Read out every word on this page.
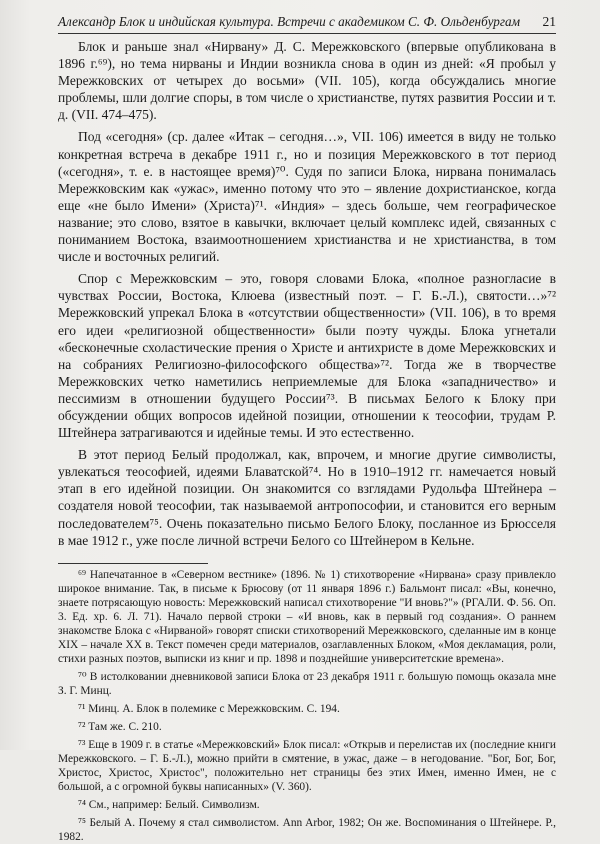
Александр Блок и индийская культура. Встречи с академиком С. Ф. Ольденбургам 21

Блок и раньше знал «Нирвану» Д. С. Мережковского (впервые опубликована в 1896 г.⁶⁹), но тема нирваны и Индии возникла снова в один из дней: «Я пробыл у Мережковских от четырех до восьми» (VII. 105), когда обсуждались многие проблемы, шли долгие споры, в том числе о христианстве, путях развития России и т. д. (VII. 474–475).

Под «сегодня» (ср. далее «Итак – сегодня…», VII. 106) имеется в виду не только конкретная встреча в декабре 1911 г., но и позиция Мережковского в тот период («сегодня», т. е. в настоящее время)⁷⁰. Судя по записи Блока, нирвана понималась Мережковским как «ужас», именно потому что это – явление дохристианское, когда еще «не было Имени» (Христа)⁷¹. «Индия» – здесь больше, чем географическое название; это слово, взятое в кавычки, включает целый комплекс идей, связанных с пониманием Востока, взаимоотношением христианства и не христианства, в том числе и восточных религий.

Спор с Мережковским – это, говоря словами Блока, «полное разногласие в чувствах России, Востока, Клюева (известный поэт. – Г. Б.-Л.), святости…»⁷² Мережковский упрекал Блока в «отсутствии общественности» (VII. 106), в то время его идеи «религиозной общественности» были поэту чужды. Блока угнетали «бесконечные схоластические прения о Христе и антихристе в доме Мережковских и на собраниях Религиозно-философского общества»⁷². Тогда же в творчестве Мережковских четко наметились неприемлемые для Блока «западничество» и пессимизм в отношении будущего России⁷³. В письмах Белого к Блоку при обсуждении общих вопросов идейной позиции, отношении к теософии, трудам Р. Штейнера затрагиваются и идейные темы. И это естественно.

В этот период Белый продолжал, как, впрочем, и многие другие символисты, увлекаться теософией, идеями Блаватской⁷⁴. Но в 1910–1912 гг. намечается новый этап в его идейной позиции. Он знакомится со взглядами Рудольфа Штейнера – создателя новой теософии, так называемой антропософии, и становится его верным последователем⁷⁵. Очень показательно письмо Белого Блоку, посланное из Брюсселя в мае 1912 г., уже после личной встречи Белого со Штейнером в Кельне.

⁶⁹ Напечатанное в «Северном вестнике» (1896. № 1) стихотворение «Нирвана» сразу привлекло широкое внимание. Так, в письме к Брюсову (от 11 января 1896 г.) Бальмонт писал: «Вы, конечно, знаете потрясающую новость: Мережковский написал стихотворение "И вновь?"» (РГАЛИ. Ф. 56. Оп. 3. Ед. хр. 6. Л. 71). Начало первой строки – «И вновь, как в первый год создания». О раннем знакомстве Блока с «Нирваной» говорят списки стихотворений Мережковского, сделанные им в конце XIX – начале XX в. Текст помечен среди материалов, озаглавленных Блоком, «Моя декламация, роли, стихи разных поэтов, выписки из книг и пр. 1898 и позднейшие университетские времена».

⁷⁰ В истолковании дневниковой записи Блока от 23 декабря 1911 г. большую помощь оказала мне З. Г. Минц.

⁷¹ Минц. А. Блок в полемике с Мережковским. С. 194.

⁷² Там же. С. 210.

⁷³ Еще в 1909 г. в статье «Мережковский» Блок писал: «Открыв и перелистав их (последние книги Мережковского. – Г. Б.-Л.), можно прийти в смятение, в ужас, даже – в негодование. "Бог, Бог, Бог, Христос, Христос, Христос", положительно нет страницы без этих Имен, именно Имен, не с большой, а с огромной буквы написанных» (V. 360).

⁷⁴ См., например: Белый. Символизм.

⁷⁵ Белый А. Почему я стал символистом. Ann Arbor, 1982; Он же. Воспоминания о Штейнере. Р., 1982.
